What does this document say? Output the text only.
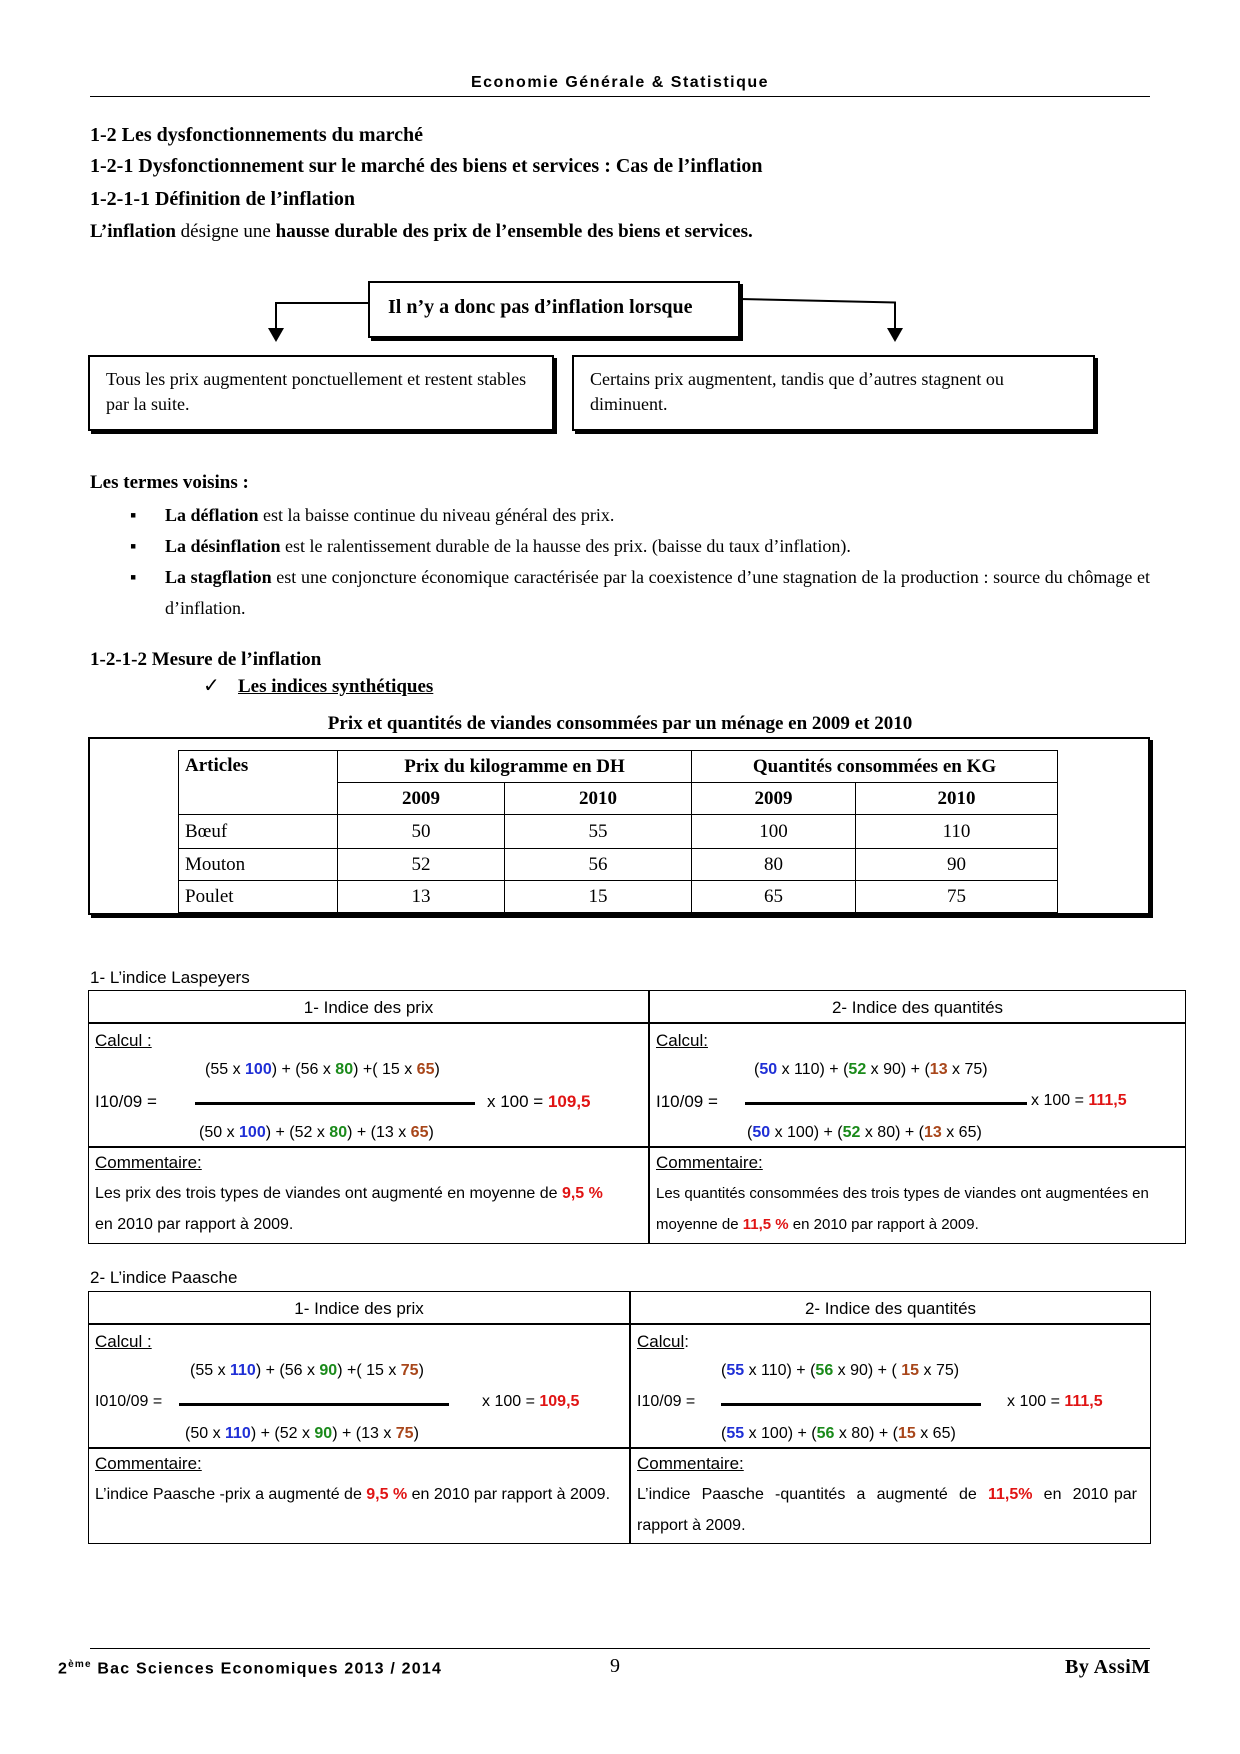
Economie Générale & Statistique
1-2 Les dysfonctionnements du marché
1-2-1 Dysfonctionnement sur le marché des biens et services : Cas de l’inflation
1-2-1-1 Définition de l’inflation
L’inflation désigne une hausse durable des prix de l’ensemble des biens et services.
Il n’y a donc pas d’inflation lorsque
Tous les prix augmentent ponctuellement et restent stables par la suite.
Certains prix augmentent, tandis que d’autres stagnent ou diminuent.
Les termes voisins :
▪ La déflation est la baisse continue du niveau général des prix.
▪ La désinflation est le ralentissement durable de la hausse des prix. (baisse du taux d’inflation).
▪ La stagflation est une conjoncture économique caractérisée par la coexistence d’une stagnation de la production : source du chômage et d’inflation.
1-2-1-2 Mesure de l’inflation
✓ Les indices synthétiques
Prix et quantités de viandes consommées par un ménage en 2009 et 2010
Articles	Prix du kilogramme en DH		Quantités consommées en KG	
	2009	2010	2009	2010
Bœuf	50	55	100	110
Mouton	52	56	80	90
Poulet	13	15	65	75
1- L’indice Laspeyers
1- Indice des prix	2- Indice des quantités
Calcul :
(55 x 100) + (56 x 80) +( 15 x 65)
I10/09 =	x 100 = 109,5
(50 x 100) + (52 x 80) + (13 x 65)
Calcul:
(50 x 110) + (52 x 90) + (13 x 75)
I10/09 =	x 100 = 111,5
(50 x 100) + (52 x 80) + (13 x 65)
Commentaire:
Les prix des trois types de viandes ont augmenté en moyenne de 9,5 % en 2010 par rapport à 2009.
Commentaire:
Les quantités consommées des trois types de viandes ont augmentées en moyenne de 11,5 % en 2010 par rapport à 2009.
2- L’indice Paasche
1- Indice des prix	2- Indice des quantités
Calcul :
(55 x 110) + (56 x 90) +( 15 x 75)
I010/09 =	x 100 = 109,5
(50 x 110) + (52 x 90) + (13 x 75)
Calcul:
(55 x 110) + (56 x 90) + ( 15 x 75)
I10/09 =	x 100 = 111,5
(55 x 100) + (56 x 80) + (15 x 65)
Commentaire:
L’indice Paasche -prix a augmenté de 9,5 % en 2010 par rapport à 2009.
Commentaire:
L’indice  Paasche  -quantités  a  augmenté  de  11,5%  en  2010 par rapport à 2009.
2ème Bac Sciences Economiques 2013 / 2014	9	By AssiM
